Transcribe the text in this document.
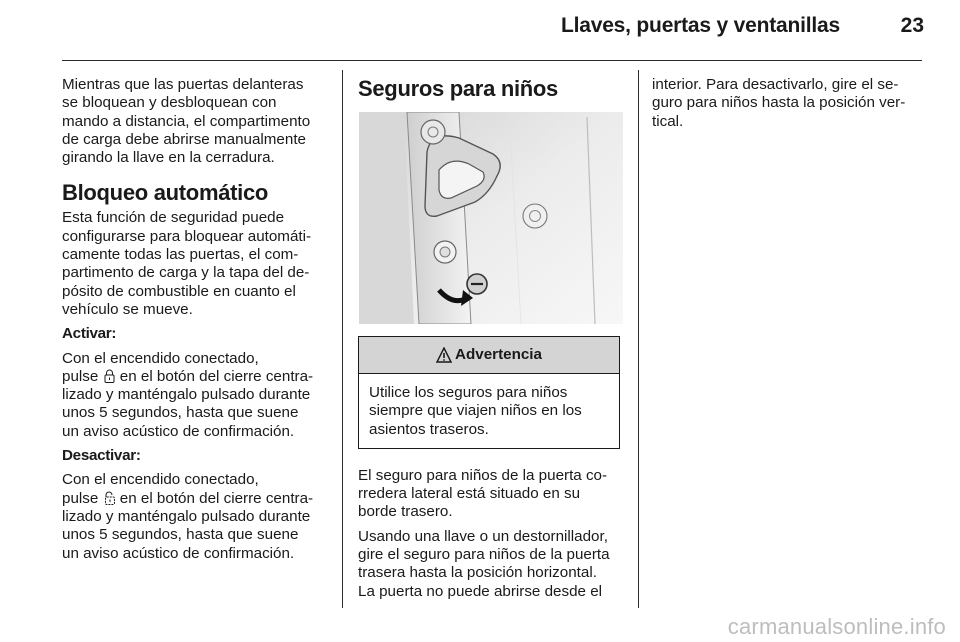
Llaves, puertas y ventanillas	23

Mientras que las puertas delanteras
se bloquean y desbloquean con
mando a distancia, el compartimento
de carga debe abrirse manualmente
girando la llave en la cerradura.

Bloqueo automático

Esta función de seguridad puede
configurarse para bloquear automáti-
camente todas las puertas, el com-
partimento de carga y la tapa del de-
pósito de combustible en cuanto el
vehículo se mueve.

Activar:

Con el encendido conectado,
pulse en el botón del cierre centra-
lizado y manténgalo pulsado durante
unos 5 segundos, hasta que suene
un aviso acústico de confirmación.

Desactivar:

Con el encendido conectado,
pulse en el botón del cierre centra-
lizado y manténgalo pulsado durante
unos 5 segundos, hasta que suene
un aviso acústico de confirmación.

Seguros para niños
Advertencia
Utilice los seguros para niños
siempre que viajen niños en los
asientos traseros.

El seguro para niños de la puerta co-
rredera lateral está situado en su
borde trasero.

Usando una llave o un destornillador,
gire el seguro para niños de la puerta
trasera hasta la posición horizontal.
La puerta no puede abrirse desde el

interior. Para desactivarlo, gire el se-
guro para niños hasta la posición ver-
tical.

carmanualsonline.info
